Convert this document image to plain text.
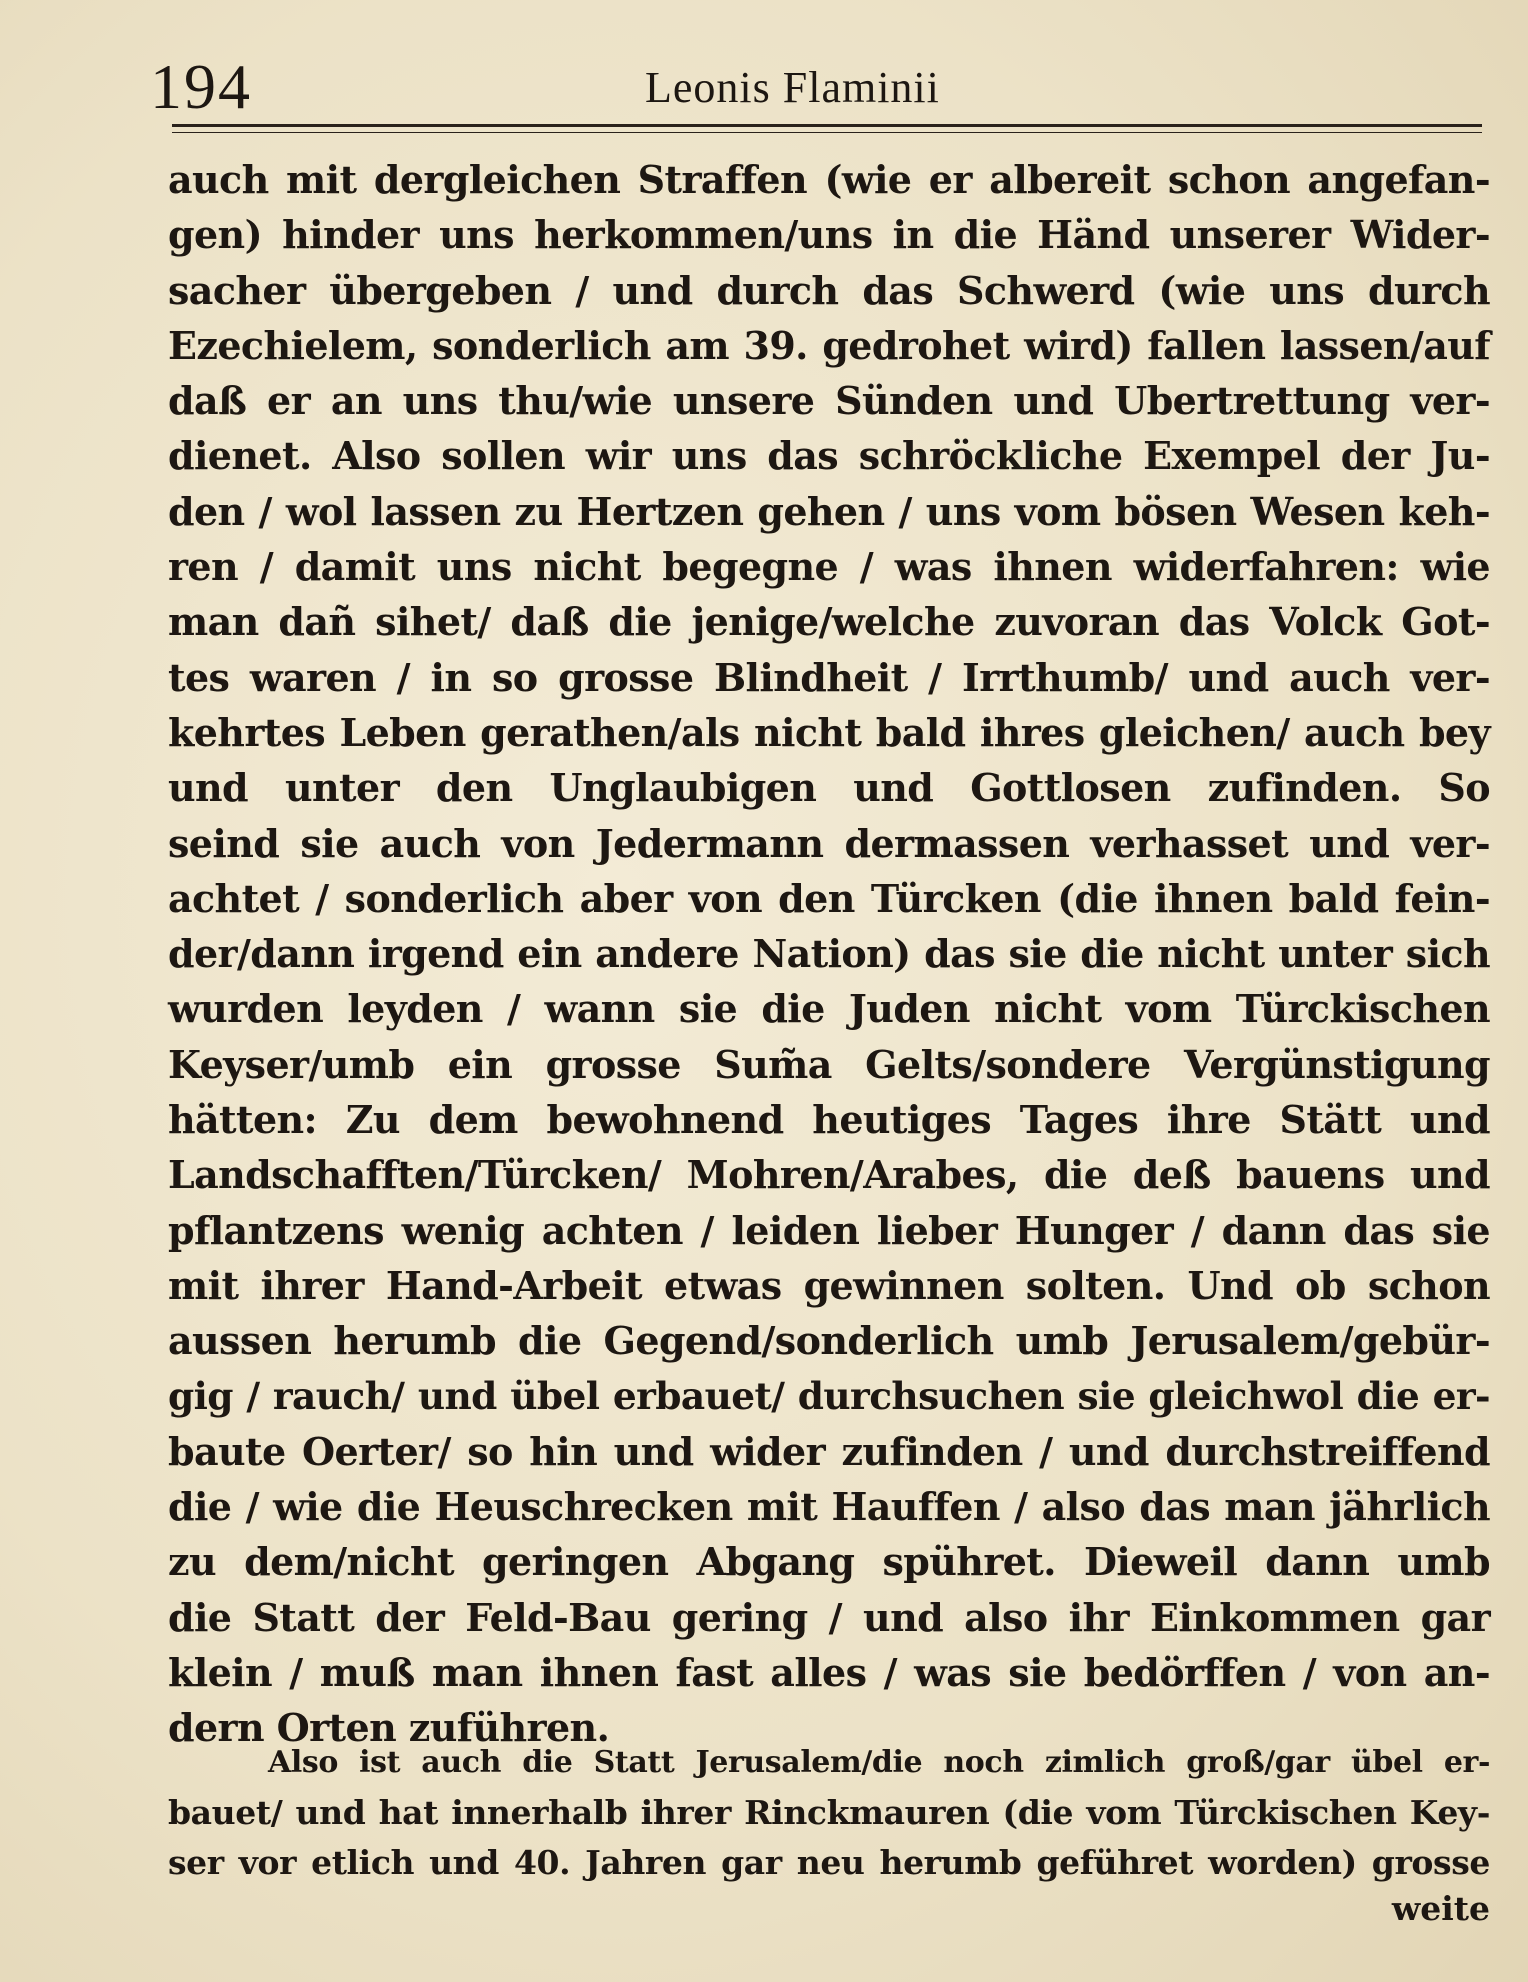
194	Leonis Flaminii
auch mit dergleichen Straffen (wie er albereit schon angefan-
gen) hinder uns herkommen/uns in die Händ unserer Wider-
sacher übergeben / und durch das Schwerd (wie uns durch
Ezechielem, sonderlich am 39. gedrohet wird) fallen lassen/auf
daß er an uns thu/wie unsere Sünden und Ubertrettung ver-
dienet. Also sollen wir uns das schröckliche Exempel der Ju-
den / wol lassen zu Hertzen gehen / uns vom bösen Wesen keh-
ren / damit uns nicht begegne / was ihnen widerfahren: wie
man dañ sihet/ daß die jenige/welche zuvoran das Volck Got-
tes waren / in so grosse Blindheit / Irrthumb/ und auch ver-
kehrtes Leben gerathen/als nicht bald ihres gleichen/ auch bey
und unter den Unglaubigen und Gottlosen zufinden. So
seind sie auch von Jedermann dermassen verhasset und ver-
achtet / sonderlich aber von den Türcken (die ihnen bald fein-
der/dann irgend ein andere Nation) das sie die nicht unter sich
wurden leyden / wann sie die Juden nicht vom Türckischen
Keyser/umb ein grosse Sum̃a Gelts/sondere Vergünstigung
hätten: Zu dem bewohnend heutiges Tages ihre Stätt und
Landschafften/Türcken/ Mohren/Arabes, die deß bauens und
pflantzens wenig achten / leiden lieber Hunger / dann das sie
mit ihrer Hand-Arbeit etwas gewinnen solten. Und ob schon
aussen herumb die Gegend/sonderlich umb Jerusalem/gebür-
gig / rauch/ und übel erbauet/ durchsuchen sie gleichwol die er-
baute Oerter/ so hin und wider zufinden / und durchstreiffend
die / wie die Heuschrecken mit Hauffen / also das man jährlich
zu dem/nicht geringen Abgang spühret. Dieweil dann umb
die Statt der Feld-Bau gering / und also ihr Einkommen gar
klein / muß man ihnen fast alles / was sie bedörffen / von an-
dern Orten zuführen.
Also ist auch die Statt Jerusalem/die noch zimlich groß/gar übel er-
bauet/ und hat innerhalb ihrer Rinckmauren (die vom Türckischen Key-
ser vor etlich und 40. Jahren gar neu herumb geführet worden) grosse
weite
